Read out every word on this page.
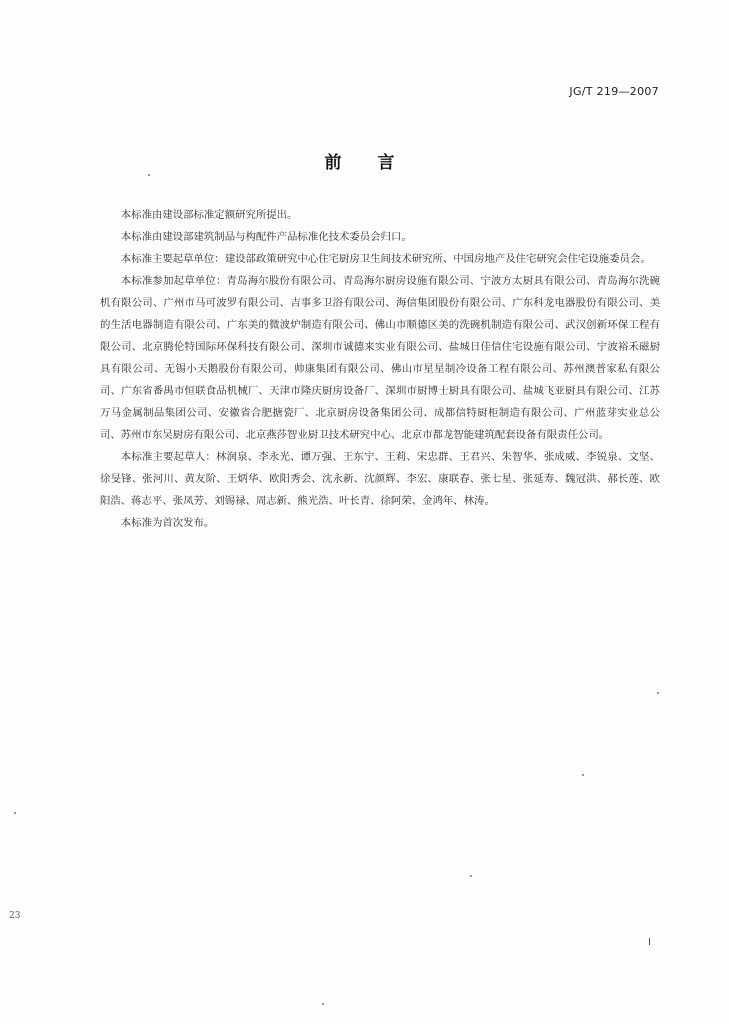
JG/T 219—2007
前言

本标准由建设部标准定额研究所提出。

本标准由建设部建筑制品与构配件产品标准化技术委员会归口。

本标准主要起草单位：建设部政策研究中心住宅厨房卫生间技术研究所、中国房地产及住宅研究会住宅设施委员会。

本标准参加起草单位：青岛海尔股份有限公司、青岛海尔厨房设施有限公司、宁波方太厨具有限公司、青岛海尔洗碗机有限公司、广州市马可波罗有限公司、吉事多卫浴有限公司、海信集团股份有限公司、广东科龙电器股份有限公司、美的生活电器制造有限公司、广东美的微波炉制造有限公司、佛山市顺德区美的洗碗机制造有限公司、武汉创新环保工程有限公司、北京腾伦特国际环保科技有限公司、深圳市诚德来实业有限公司、盐城日佳信住宅设施有限公司、宁波裕禾磁厨具有限公司、无锡小天鹅股份有限公司、帅康集团有限公司、佛山市星星制冷设备工程有限公司、苏州澳普家私有限公司、广东省番禺市恒联食品机械厂、天津市隆庆厨房设备厂、深圳市厨博士厨具有限公司、盐城飞亚厨具有限公司、江苏万马金属制品集团公司、安徽省合肥搪瓷厂、北京厨房设备集团公司、成都信特厨柜制造有限公司、广州蓝芽实业总公司、苏州市东吴厨房有限公司、北京燕莎智业厨卫技术研究中心、北京市都龙智能建筑配套设备有限责任公司。

本标准主要起草人：林润泉、李永光、谭万强、王东宁、王莉、宋忠群、王君兴、朱智华、张成威、李锐泉、文坚、徐旻锋、张河川、黄友阶、王炳华、欧阳秀会、沈永新、沈颜辉、李宏、康联春、张七星、张延寿、魏冠洪、郝长莲、欧阳浩、蒋志平、张凤芳、刘锡禄、周志新、熊光浩、叶长青、徐阿荣、金鸿年、林涛。

本标准为首次发布。

23
I
